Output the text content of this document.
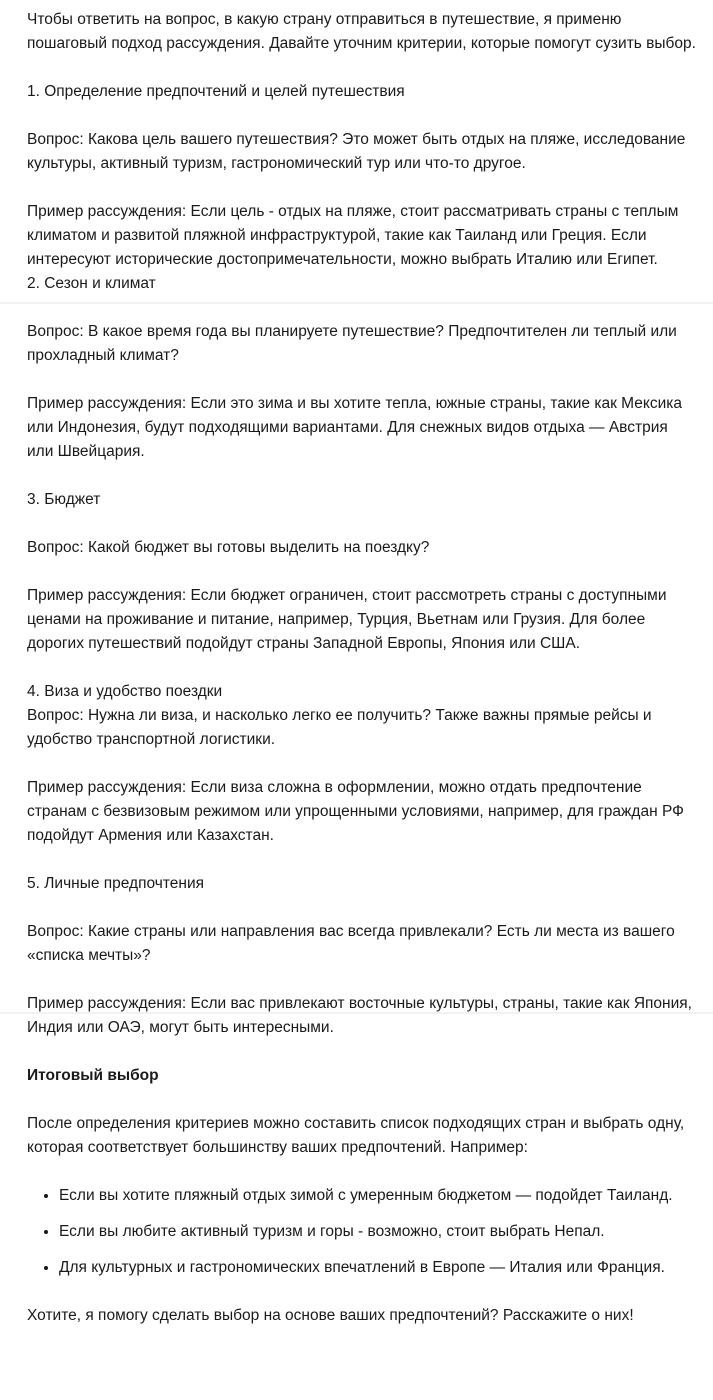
Чтобы ответить на вопрос, в какую страну отправиться в путешествие, я применю пошаговый подход рассуждения. Давайте уточним критерии, которые помогут сузить выбор.

1. Определение предпочтений и целей путешествия

Вопрос: Какова цель вашего путешествия? Это может быть отдых на пляже, исследование культуры, активный туризм, гастрономический тур или что-то другое.

Пример рассуждения: Если цель - отдых на пляже, стоит рассматривать страны с теплым климатом и развитой пляжной инфраструктурой, такие как Таиланд или Греция. Если интересуют исторические достопримечательности, можно выбрать Италию или Египет.

2. Сезон и климат

Вопрос: В какое время года вы планируете путешествие? Предпочтителен ли теплый или прохладный климат?

Пример рассуждения: Если это зима и вы хотите тепла, южные страны, такие как Мексика или Индонезия, будут подходящими вариантами. Для снежных видов отдыха — Австрия или Швейцария.

3. Бюджет

Вопрос: Какой бюджет вы готовы выделить на поездку?

Пример рассуждения: Если бюджет ограничен, стоит рассмотреть страны с доступными ценами на проживание и питание, например, Турция, Вьетнам или Грузия. Для более дорогих путешествий подойдут страны Западной Европы, Япония или США.

4. Виза и удобство поездки

Вопрос: Нужна ли виза, и насколько легко ее получить? Также важны прямые рейсы и удобство транспортной логистики.

Пример рассуждения: Если виза сложна в оформлении, можно отдать предпочтение странам с безвизовым режимом или упрощенными условиями, например, для граждан РФ подойдут Армения или Казахстан.

5. Личные предпочтения

Вопрос: Какие страны или направления вас всегда привлекали? Есть ли места из вашего «списка мечты»?

Пример рассуждения: Если вас привлекают восточные культуры, страны, такие как Япония, Индия или ОАЭ, могут быть интересными.

Итоговый выбор

После определения критериев можно составить список подходящих стран и выбрать одну, которая соответствует большинству ваших предпочтений. Например:

• Если вы хотите пляжный отдых зимой с умеренным бюджетом — подойдет Таиланд.
• Если вы любите активный туризм и горы - возможно, стоит выбрать Непал.
• Для культурных и гастрономических впечатлений в Европе — Италия или Франция.

Хотите, я помогу сделать выбор на основе ваших предпочтений? Расскажите о них!
